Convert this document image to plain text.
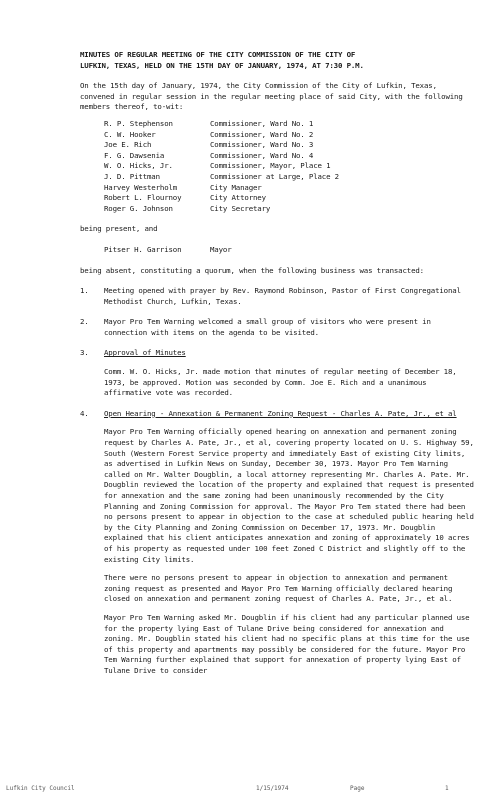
MINUTES OF REGULAR MEETING OF THE CITY COMMISSION OF THE CITY OF
LUFKIN, TEXAS, HELD ON THE 15TH DAY OF JANUARY, 1974, AT 7:30 P.M.

On the 15th day of January, 1974, the City Commission of the City of Lufkin, Texas, convened in regular session in the regular meeting place of said City, with the following members thereof, to-wit:

R. P. Stephenson	Commissioner, Ward No. 1
C. W. Hooker	Commissioner, Ward No. 2
Joe E. Rich	Commissioner, Ward No. 3
F. G. Dawsenia	Commissioner, Ward No. 4
W. O. Hicks, Jr.	Commissioner, Mayor, Place 1
J. D. Pittman	Commissioner at Large, Place 2
Harvey Westerholm	City Manager
Robert L. Flournoy	City Attorney
Roger G. Johnson	City Secretary

being present, and

Pitser H. Garrison	Mayor

being absent, constituting a quorum, when the following business was transacted:

1.	Meeting opened with prayer by Rev. Raymond Robinson, Pastor of First Congregational Methodist Church, Lufkin, Texas.
2.	Mayor Pro Tem Warning welcomed a small group of visitors who were present in connection with items on the agenda to be visited.
3.	Approval of Minutes

Comm. W. O. Hicks, Jr. made motion that minutes of regular meeting of December 18, 1973, be approved. Motion was seconded by Comm. Joe E. Rich and a unanimous affirmative vote was recorded.

4.	Open Hearing - Annexation & Permanent Zoning Request - Charles A. Pate, Jr., et al

Mayor Pro Tem Warning officially opened hearing on annexation and permanent zoning request by Charles A. Pate, Jr., et al, covering property located on U. S. Highway 59, South (Western Forest Service property and immediately East of existing City limits, as advertised in Lufkin News on Sunday, December 30, 1973. Mayor Pro Tem Warning called on Mr. Walter Dougblin, a local attorney representing Mr. Charles A. Pate. Mr. Dougblin reviewed the location of the property and explained that request is presented for annexation and the same zoning had been unanimously recommended by the City Planning and Zoning Commission for approval. The Mayor Pro Tem stated there had been no persons present to appear in objection to the case at scheduled public hearing held by the City Planning and Zoning Commission on December 17, 1973. Mr. Dougblin explained that his client anticipates annexation and zoning of approximately 10 acres of his property as requested under 100 feet Zoned C District and slightly off to the existing City limits.

There were no persons present to appear in objection to annexation and permanent zoning request as presented and Mayor Pro Tem Warning officially declared hearing closed on annexation and permanent zoning request of Charles A. Pate, Jr., et al.

Mayor Pro Tem Warning asked Mr. Dougblin if his client had any particular planned use for the property lying East of Tulane Drive being considered for annexation and zoning. Mr. Dougblin stated his client had no specific plans at this time for the use of this property and apartments may possibly be considered for the future. Mayor Pro Tem Warning further explained that support for annexation of property lying East of Tulane Drive to consider

Lufkin City Council	1/15/1974	Page	1
